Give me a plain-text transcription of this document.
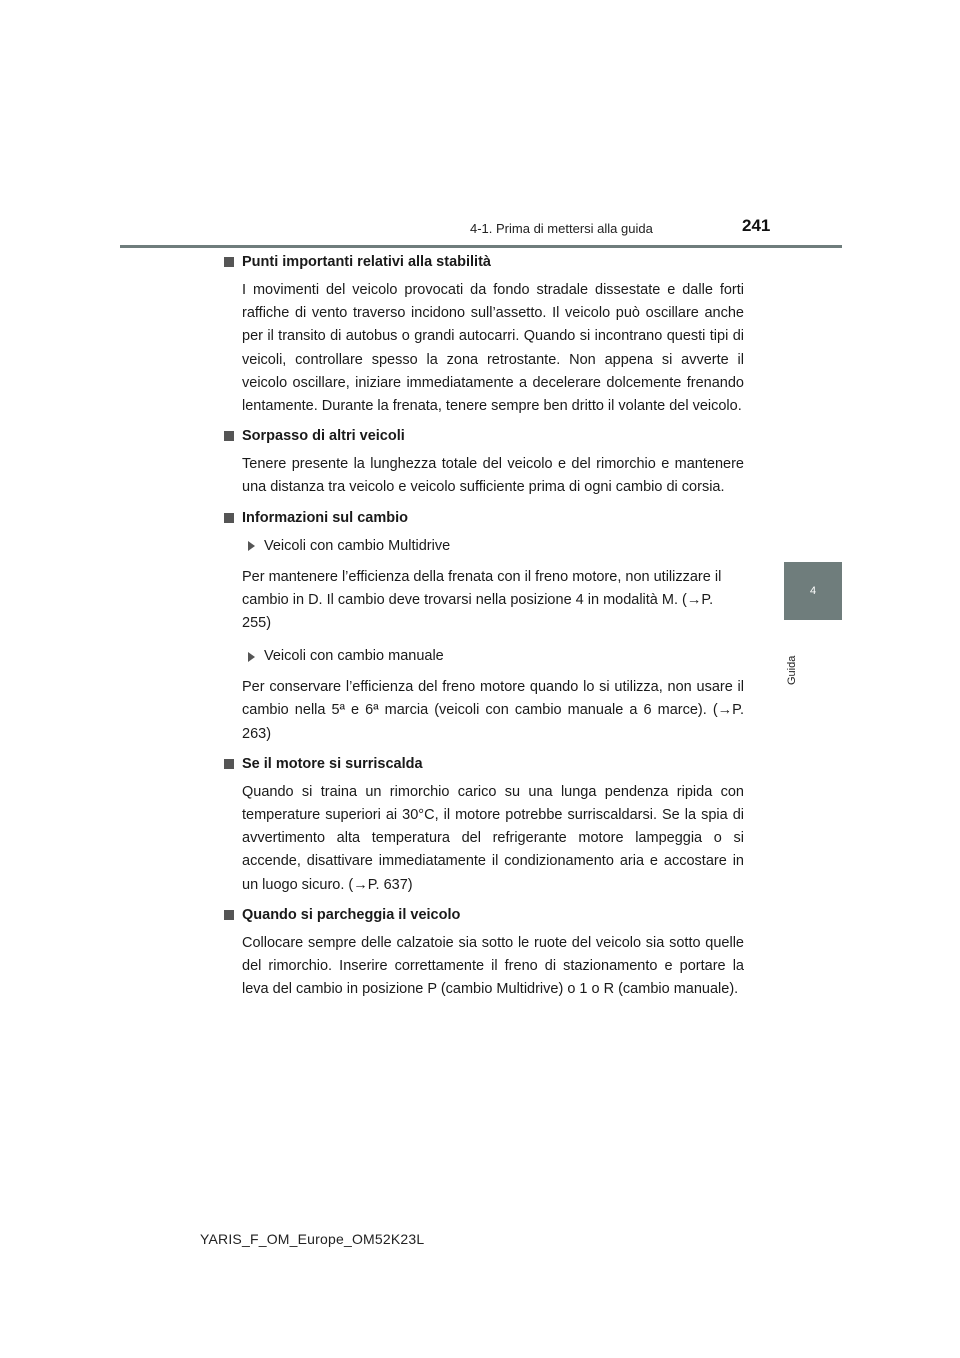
4-1. Prima di mettersi alla guida	241
4
Guida
Punti importanti relativi alla stabilità

I movimenti del veicolo provocati da fondo stradale dissestate e dalle forti raffiche di vento traverso incidono sull’assetto. Il veicolo può oscillare anche per il transito di autobus o grandi autocarri. Quando si incontrano questi tipi di veicoli, controllare spesso la zona retrostante. Non appena si avverte il veicolo oscillare, iniziare immediatamente a decelerare dolcemente frenando lentamente. Durante la frenata, tenere sempre ben dritto il volante del veicolo.

Sorpasso di altri veicoli

Tenere presente la lunghezza totale del veicolo e del rimorchio e mantenere una distanza tra veicolo e veicolo sufficiente prima di ogni cambio di corsia.

Informazioni sul cambio
Veicoli con cambio Multidrive

Per mantenere l’efficienza della frenata con il freno motore, non utilizzare il cambio in D. Il cambio deve trovarsi nella posizione 4 in modalità M. (→P. 255)

Veicoli con cambio manuale

Per conservare l’efficienza del freno motore quando lo si utilizza, non usare il cambio nella 5ª e 6ª marcia (veicoli con cambio manuale a 6 marce). (→P. 263)

Se il motore si surriscalda

Quando si traina un rimorchio carico su una lunga pendenza ripida con temperature superiori ai 30°C, il motore potrebbe surriscaldarsi. Se la spia di avvertimento alta temperatura del refrigerante motore lampeggia o si accende, disattivare immediatamente il condizionamento aria e accostare in un luogo sicuro. (→P. 637)

Quando si parcheggia il veicolo

Collocare sempre delle calzatoie sia sotto le ruote del veicolo sia sotto quelle del rimorchio. Inserire correttamente il freno di stazionamento e portare la leva del cambio in posizione P (cambio Multidrive) o 1 o R (cambio manuale).

YARIS_F_OM_Europe_OM52K23L
